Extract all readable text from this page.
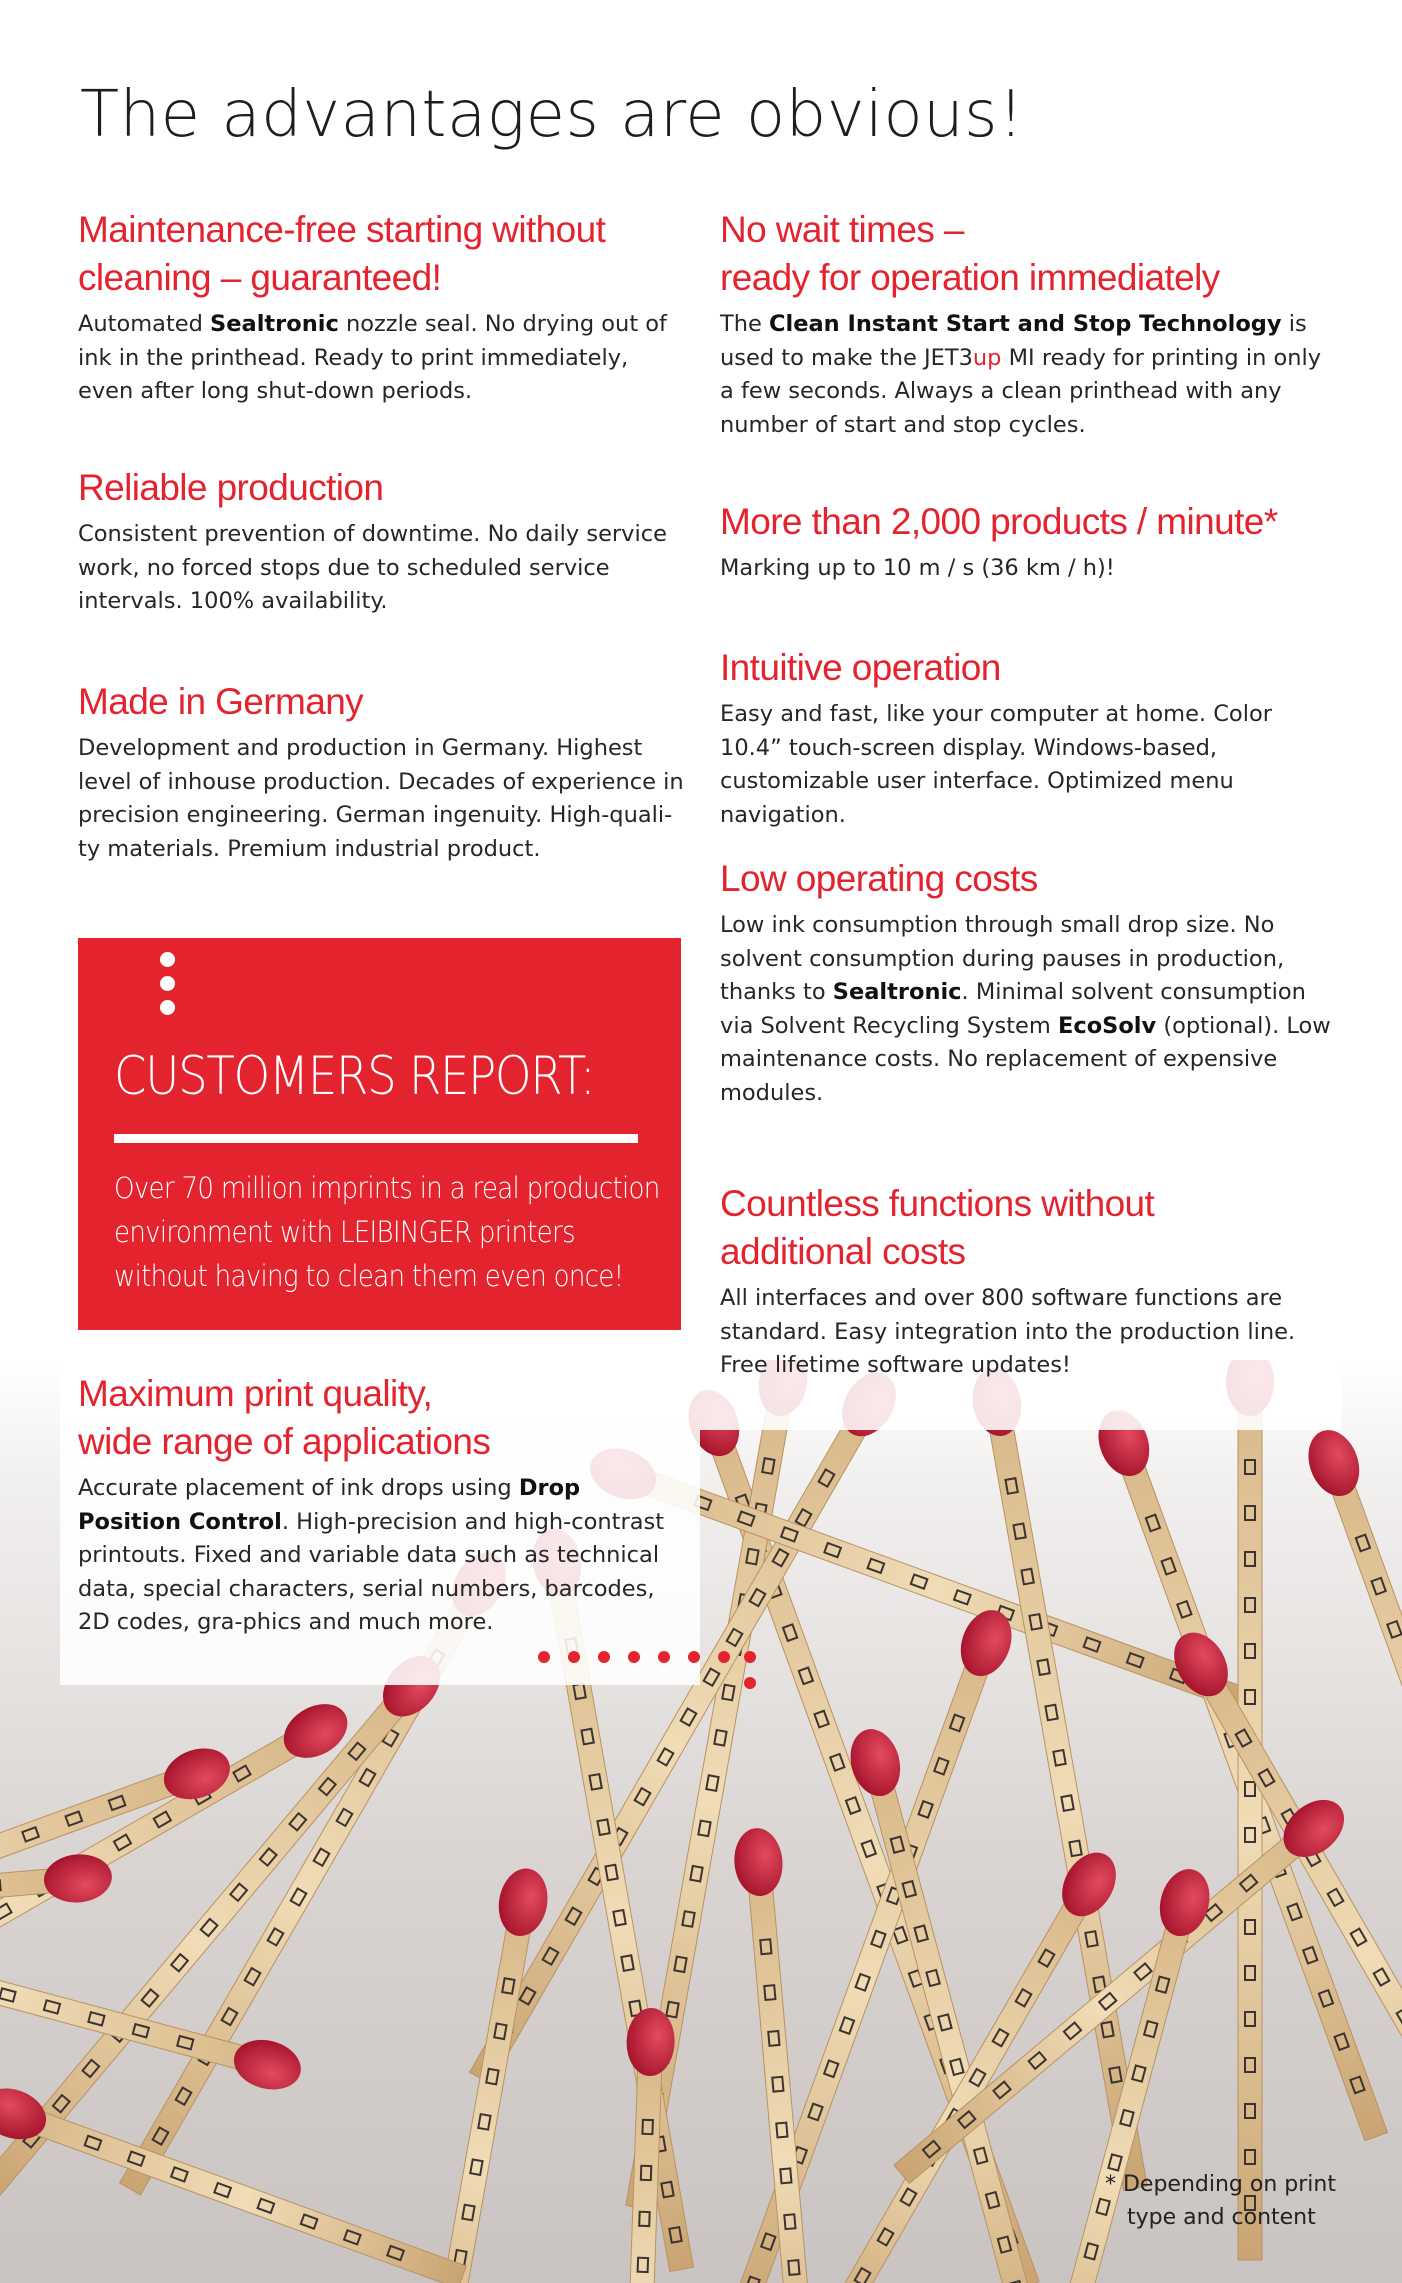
The advantages are obvious!
Maintenance-free starting without
cleaning – guaranteed!

Automated Sealtronic nozzle seal. No drying out of ink in the printhead. Ready to print immediately, even after long shut-down periods.

Reliable production

Consistent prevention of downtime. No daily service work, no forced stops due to scheduled service intervals. 100% availability.

Made in Germany

Development and production in Germany. Highest level of inhouse production. Decades of experience in precision engineering. German ingenuity. High-quali-ty materials. Premium industrial product.

CUSTOMERS REPORT:
Over 70 million imprints in a real production environment with LEIBINGER printers without having to clean them even once!
Maximum print quality,
wide range of applications

Accurate placement of ink drops using Drop Position Control. High-precision and high-contrast printouts. Fixed and variable data such as technical data, special characters, serial numbers, barcodes, 2D codes, gra-phics and much more.

No wait times –
ready for operation immediately

The Clean Instant Start and Stop Technology is used to make the JET3up MI ready for printing in only a few seconds. Always a clean printhead with any number of start and stop cycles.

More than 2,000 products / minute*

Marking up to 10 m / s (36 km / h)!

Intuitive operation

Easy and fast, like your computer at home. Color 10.4” touch-screen display. Windows-based, customizable user interface. Optimized menu navigation.

Low operating costs

Low ink consumption through small drop size. No solvent consumption during pauses in production, thanks to Sealtronic. Minimal solvent consumption via Solvent Recycling System EcoSolv (optional). Low maintenance costs. No replacement of expensive modules.

Countless functions without
additional costs

All interfaces and over 800 software functions are standard. Easy integration into the production line. Free lifetime software updates!

* Depending on print
type and content
